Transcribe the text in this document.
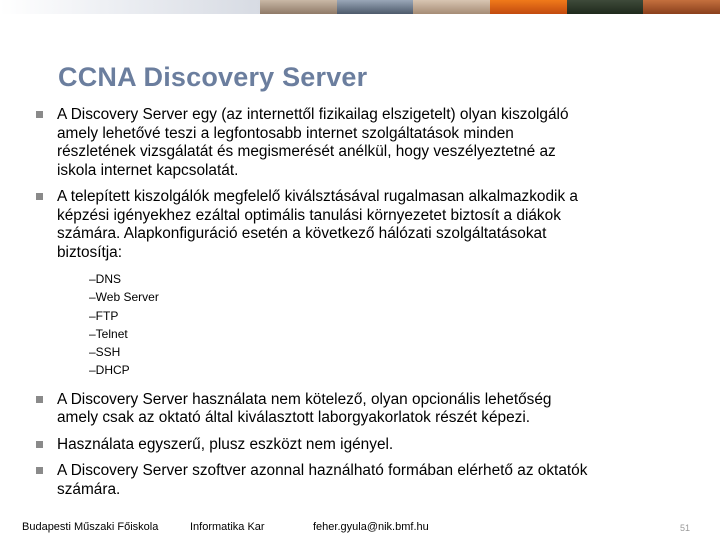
CCNA Discovery Server
A Discovery Server egy (az internettől fizikailag elszigetelt) olyan kiszolgáló
amely lehetővé teszi a legfontosabb internet szolgáltatások minden
részletének vizsgálatát és megismerését anélkül, hogy veszélyeztetné az
iskola internet kapcsolatát.
A telepített kiszolgálók megfelelő kiválsztásával rugalmasan alkalmazkodik a
képzési igényekhez ezáltal optimális tanulási környezetet biztosít a diákok
számára. Alapkonfiguráció esetén a következő hálózati szolgáltatásokat
biztosítja:
–DNS
–Web Server
–FTP
–Telnet
–SSH
–DHCP
A Discovery Server használata nem kötelező, olyan opcionális lehetőség
amely csak az oktató által kiválasztott laborgyakorlatok részét képezi.
Használata egyszerű, plusz eszközt nem igényel.
A Discovery Server szoftver azonnal haználható formában elérhető az oktatók
számára.
Budapesti Műszaki Főiskola	Informatika Kar	feher.gyula@nik.bmf.hu	51
